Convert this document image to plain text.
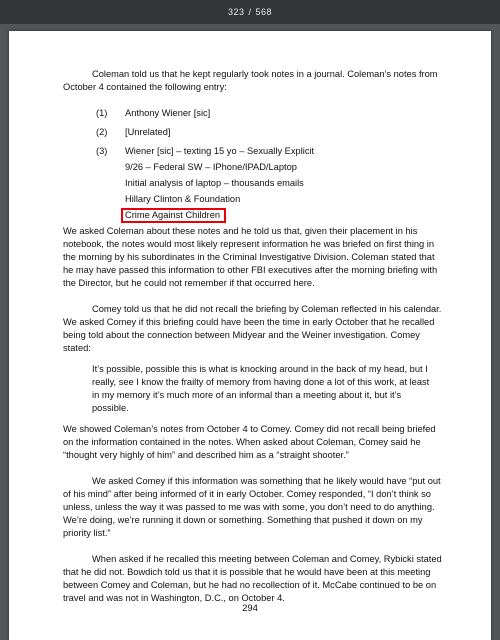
323 / 568

Coleman told us that he kept regularly took notes in a journal. Coleman’s notes from October 4 contained the following entry:

(1)	Anthony Wiener [sic]
(2)	[Unrelated]
(3)	Wiener [sic] – texting 15 yo – Sexually Explicit

9/26 – Federal SW – IPhone/IPAD/Laptop

Initial analysis of laptop – thousands emails

Hillary Clinton & Foundation

Crime Against Children

We asked Coleman about these notes and he told us that, given their placement in his notebook, the notes would most likely represent information he was briefed on first thing in the morning by his subordinates in the Criminal Investigative Division. Coleman stated that he may have passed this information to other FBI executives after the morning briefing with the Director, but he could not remember if that occurred here.

Comey told us that he did not recall the briefing by Coleman reflected in his calendar. We asked Comey if this briefing could have been the time in early October that he recalled being told about the connection between Midyear and the Weiner investigation. Comey stated:

It’s possible, possible this is what is knocking around in the back of my head, but I really, see I know the frailty of memory from having done a lot of this work, at least in my memory it’s much more of an informal than a meeting about it, but it’s possible.

We showed Coleman’s notes from October 4 to Comey. Comey did not recall being briefed on the information contained in the notes. When asked about Coleman, Comey said he “thought very highly of him” and described him as a “straight shooter.”

We asked Comey if this information was something that he likely would have “put out of his mind” after being informed of it in early October. Comey responded, “I don’t think so unless, unless the way it was passed to me was with some, you don’t need to do anything. We’re doing, we’re running it down or something. Something that pushed it down on my priority list.”

When asked if he recalled this meeting between Coleman and Comey, Rybicki stated that he did not. Bowdich told us that it is possible that he would have been at this meeting between Comey and Coleman, but he had no recollection of it. McCabe continued to be on travel and was not in Washington, D.C., on October 4.

294
